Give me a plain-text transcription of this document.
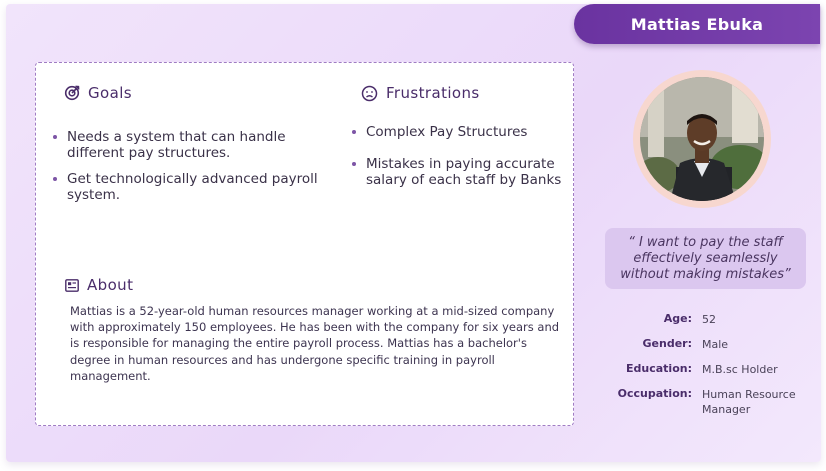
Mattias Ebuka
Goals
Needs a system that can handle different pay structures.
Get technologically advanced payroll system.
Frustrations
Complex Pay Structures
Mistakes in paying accurate salary of each staff by Banks
About
Mattias is a 52-year-old human resources manager working at a mid-sized company with approximately 150 employees. He has been with the company for six years and is responsible for managing the entire payroll process. Mattias has a bachelor's degree in human resources and has undergone specific training in payroll management.
“ I want to pay the staff effectively seamlessly without making mistakes”
Age: 52
Gender: Male
Education: M.B.sc Holder
Occupation: Human Resource Manager
